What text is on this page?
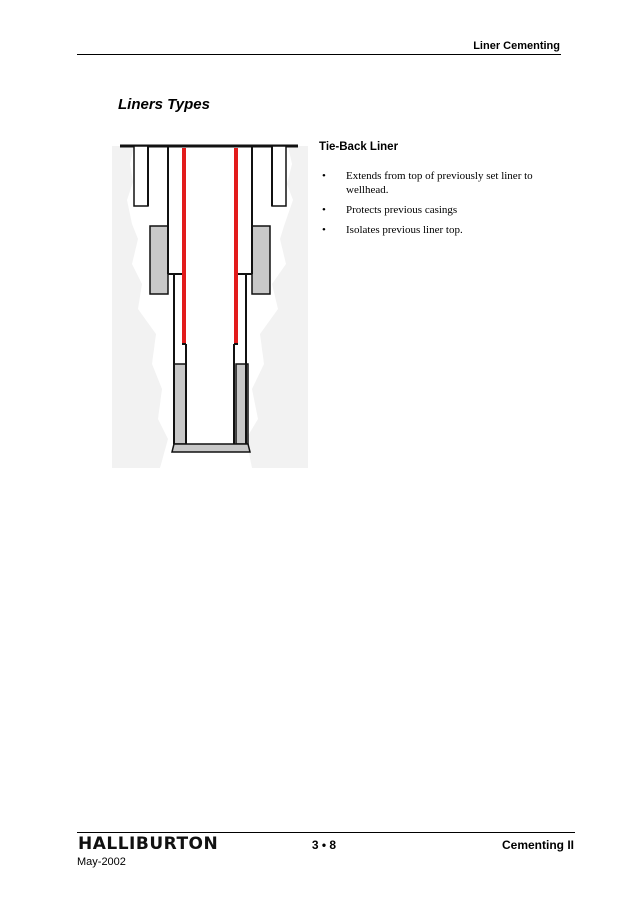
Liner Cementing
Liners Types
Tie-Back Liner
• Extends from top of previously set liner to wellhead.
• Protects previous casings
• Isolates previous liner top.
HALLIBURTON	3 • 8	Cementing II
May-2002
